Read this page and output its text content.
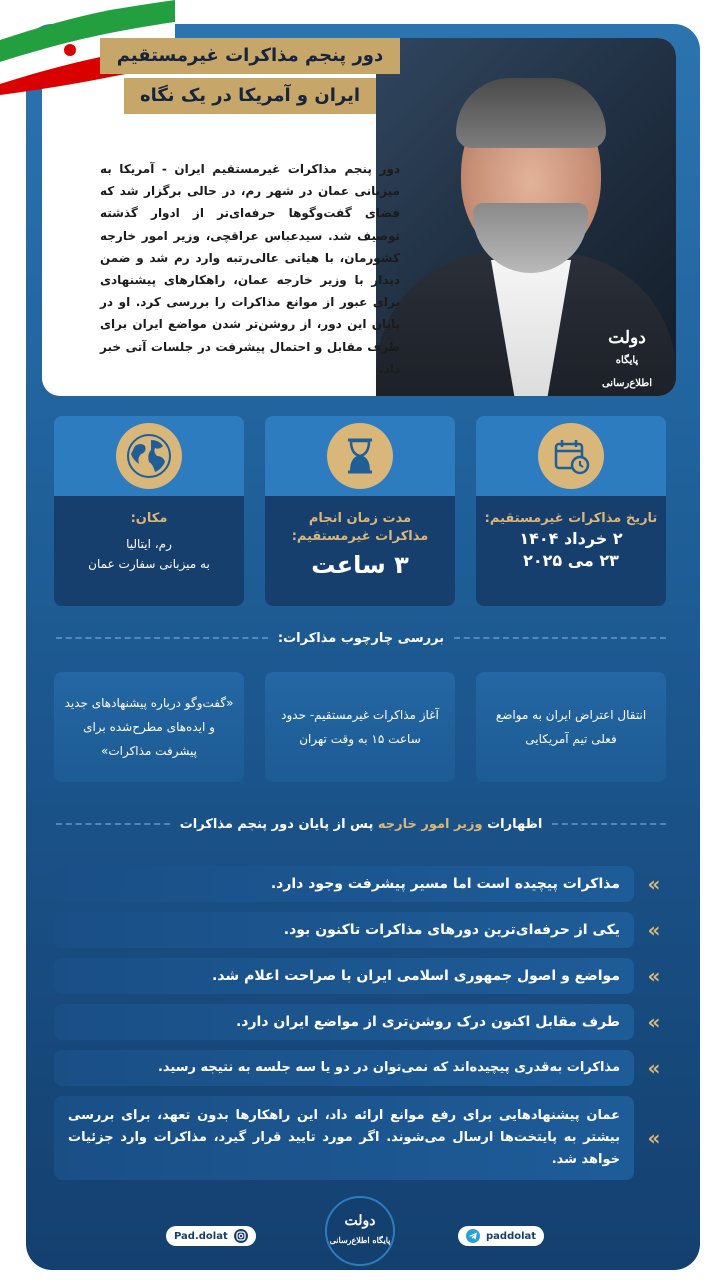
دولت
پایگاه اطلاع‌رسانی
دور پنجم مذاکرات غیرمستقیم
ایران و آمریکا در یک نگاه

دور پنجم مذاکرات غیرمستقیم ایران - آمریکا به میزبانی عمان در شهر رم، در حالی برگزار شد که فضای گفت‌وگوها حرفه‌ای‌تر از ادوار گذشته توصیف شد. سیدعباس عراقچی، وزیر امور خارجه کشورمان، با هیاتی عالی‌رتبه وارد رم شد و ضمن دیدار با وزیر خارجه عمان، راهکارهای پیشنهادی برای عبور از موانع مذاکرات را بررسی کرد. او در پایان این دور، از روشن‌تر شدن مواضع ایران برای طرف مقابل و احتمال پیشرفت در جلسات آتی خبر داد.

تاریخ مذاکرات غیرمستقیم:
۲ خرداد ۱۴۰۴
۲۳ می ۲۰۲۵
مدت زمان انجام مذاکرات غیرمستقیم:
۳ ساعت
مکان:
رم، ایتالیا
به میزبانی سفارت عمان
بررسی چارچوب مذاکرات:
انتقال اعتراض ایران به مواضع فعلی تیم آمریکایی
آغاز مذاکرات غیرمستقیم- حدود ساعت ۱۵ به وقت تهران
«گفت‌وگو درباره پیشنهادهای جدید و ایده‌های مطرح‌شده برای پیشرفت مذاکرات»
اظهارات وزیر امور خارجه پس از پایان دور پنجم مذاکرات
مذاکرات پیچیده است اما مسیر پیشرفت وجود دارد.	«
یکی از حرفه‌ای‌ترین دورهای مذاکرات تاکنون بود.	«
مواضع و اصول جمهوری اسلامی ایران با صراحت اعلام شد.	«
طرف مقابل اکنون درک روشن‌تری از مواضع ایران دارد.	«
مذاکرات به‌قدری پیچیده‌اند که نمی‌توان در دو یا سه جلسه به نتیجه رسید.	«
عمان پیشنهادهایی برای رفع موانع ارائه داد، این راهکارها بدون تعهد، برای بررسی بیشتر به پایتخت‌ها ارسال می‌شوند. اگر مورد تایید قرار گیرد، مذاکرات وارد جزئیات خواهد شد.
«
Pad.dolat
دولت
پایگاه اطلاع‌رسانی	paddolat
